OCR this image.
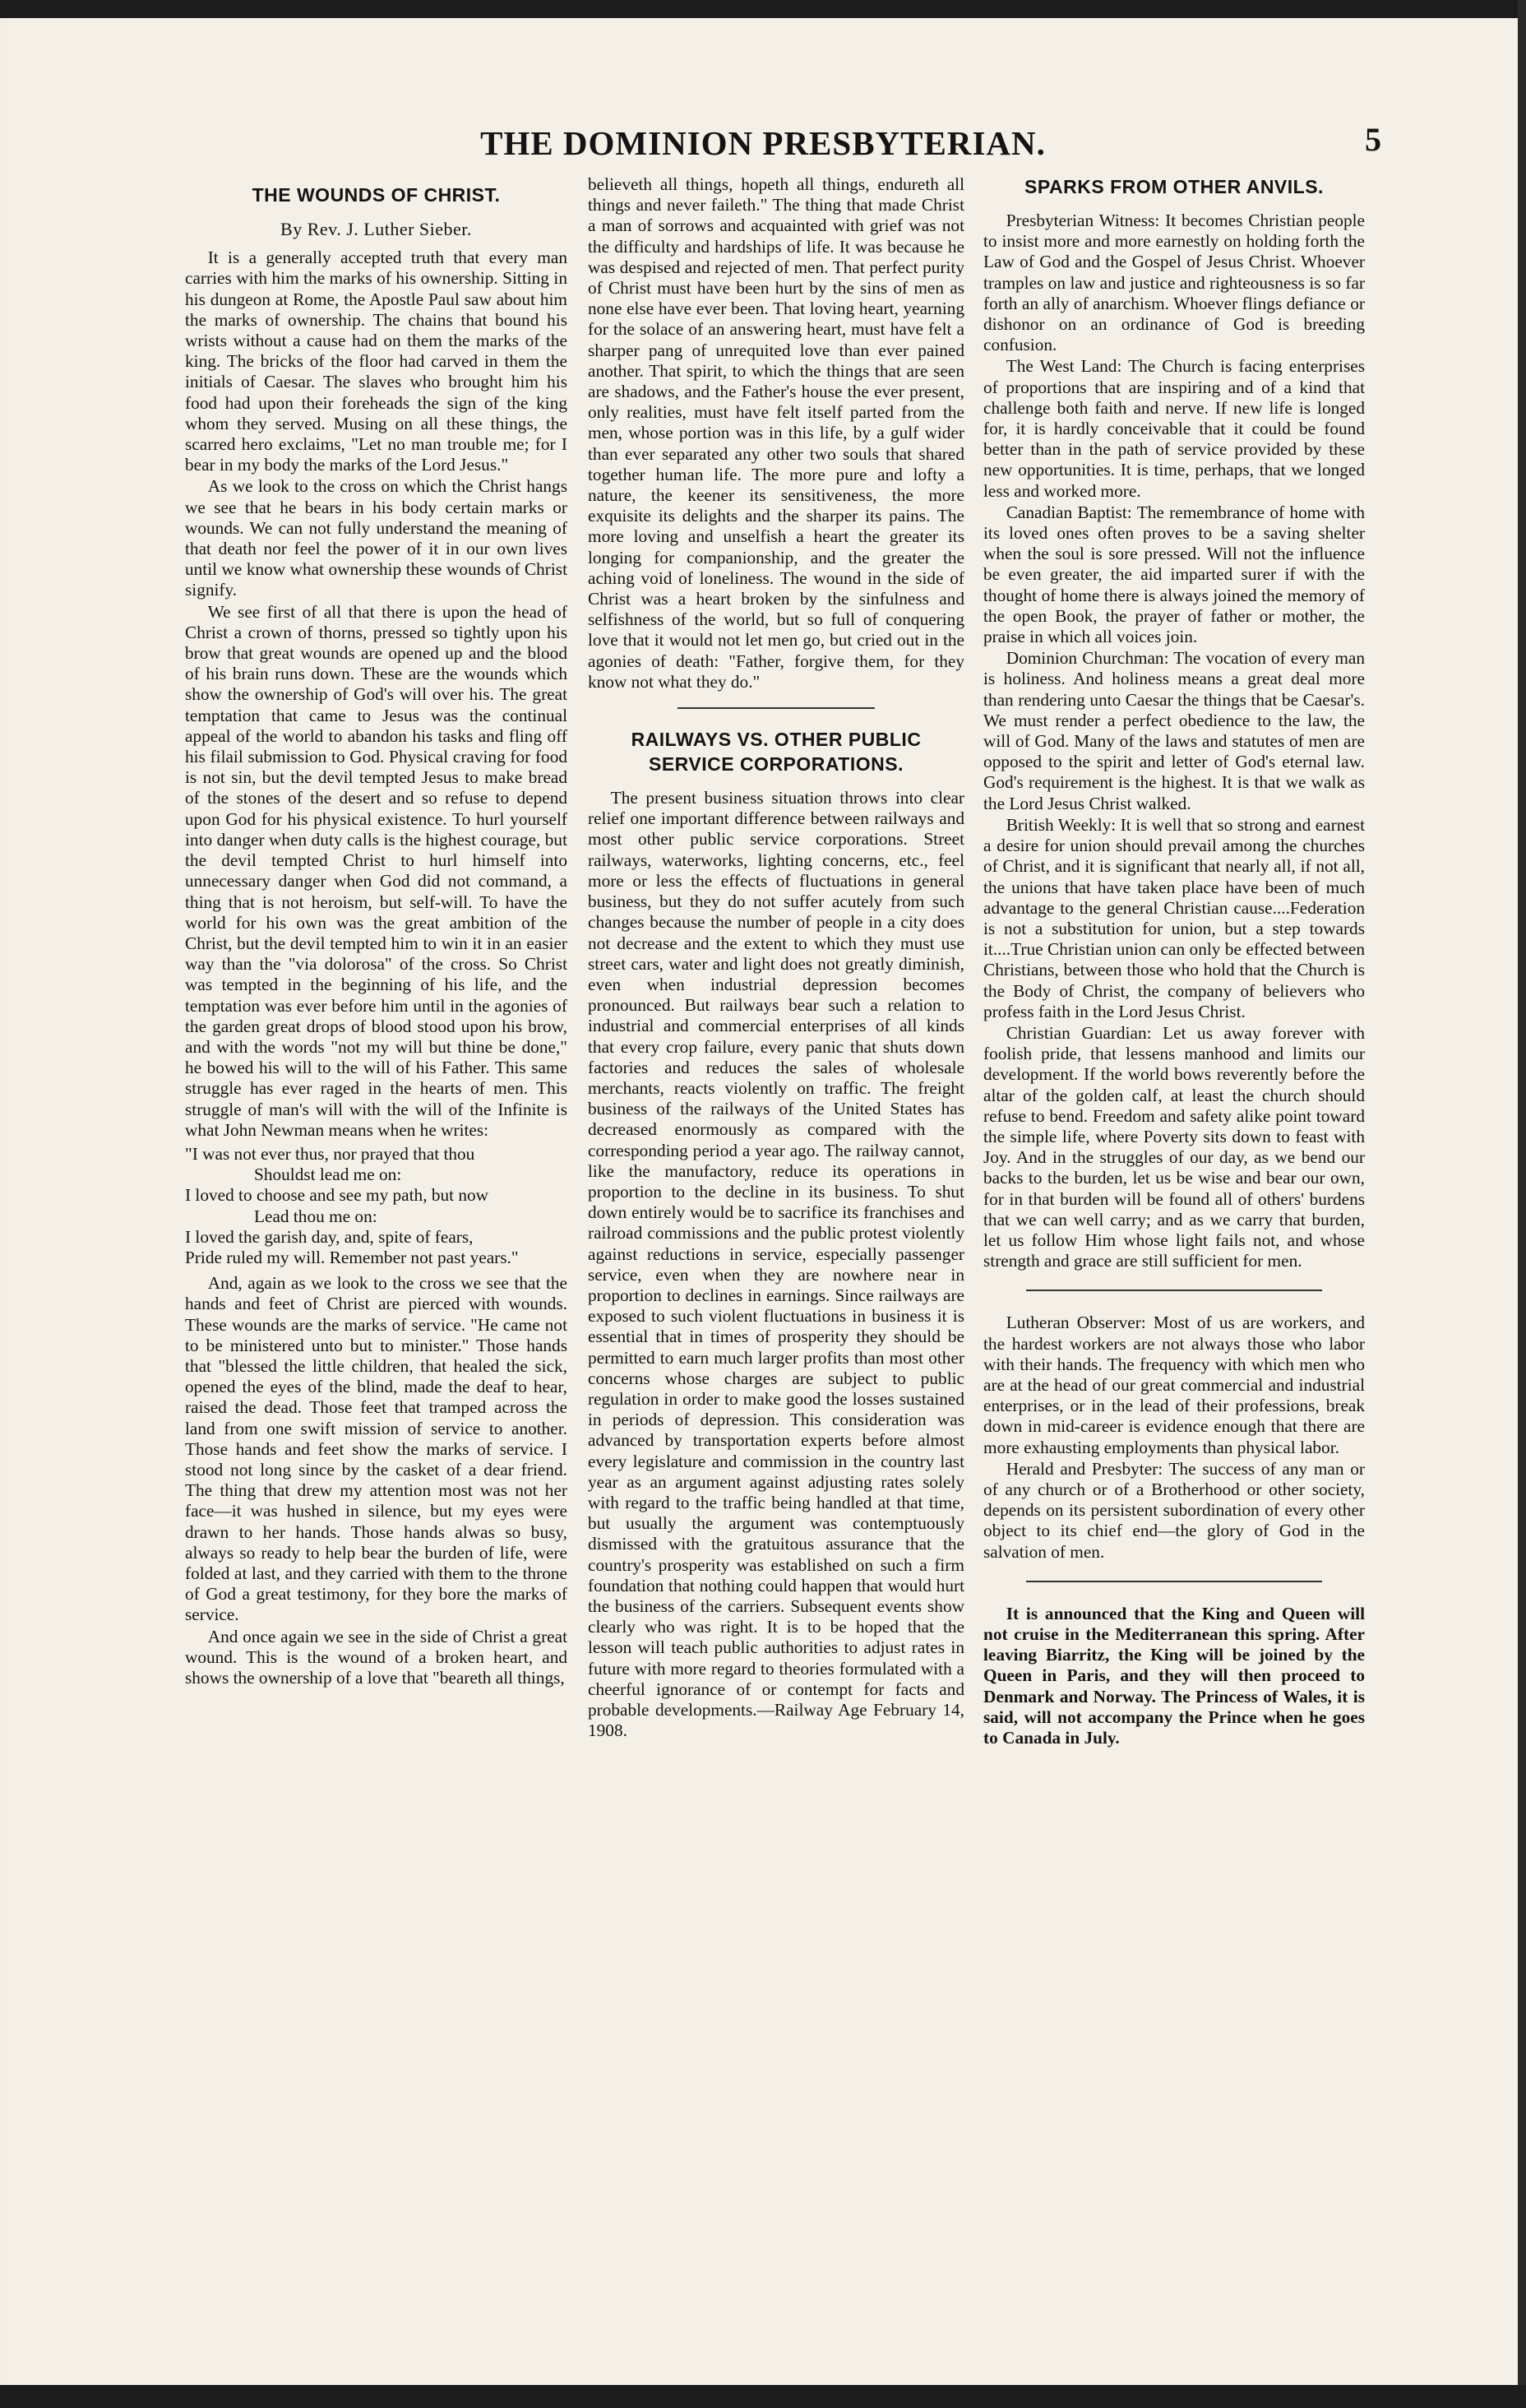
THE DOMINION PRESBYTERIAN.	5
THE WOUNDS OF CHRIST.
By Rev. J. Luther Sieber.

It is a generally accepted truth that every man carries with him the marks of his ownership. Sitting in his dungeon at Rome, the Apostle Paul saw about him the marks of ownership. The chains that bound his wrists without a cause had on them the marks of the king. The bricks of the floor had carved in them the initials of Caesar. The slaves who brought him his food had upon their foreheads the sign of the king whom they served. Musing on all these things, the scarred hero exclaims, "Let no man trouble me; for I bear in my body the marks of the Lord Jesus."

As we look to the cross on which the Christ hangs we see that he bears in his body certain marks or wounds. We can not fully understand the meaning of that death nor feel the power of it in our own lives until we know what ownership these wounds of Christ signify.

We see first of all that there is upon the head of Christ a crown of thorns, pressed so tightly upon his brow that great wounds are opened up and the blood of his brain runs down. These are the wounds which show the ownership of God's will over his. The great temptation that came to Jesus was the continual appeal of the world to abandon his tasks and fling off his filail submission to God. Physical craving for food is not sin, but the devil tempted Jesus to make bread of the stones of the desert and so refuse to depend upon God for his physical existence. To hurl yourself into danger when duty calls is the highest courage, but the devil tempted Christ to hurl himself into unnecessary danger when God did not command, a thing that is not heroism, but self-will. To have the world for his own was the great ambition of the Christ, but the devil tempted him to win it in an easier way than the "via dolorosa" of the cross. So Christ was tempted in the beginning of his life, and the temptation was ever before him until in the agonies of the garden great drops of blood stood upon his brow, and with the words "not my will but thine be done," he bowed his will to the will of his Father. This same struggle has ever raged in the hearts of men. This struggle of man's will with the will of the Infinite is what John Newman means when he writes:

"I was not ever thus, nor prayed that thou
Shouldst lead me on:
I loved to choose and see my path, but now
Lead thou me on:
I loved the garish day, and, spite of fears,
Pride ruled my will. Remember not past years."

And, again as we look to the cross we see that the hands and feet of Christ are pierced with wounds. These wounds are the marks of service. "He came not to be ministered unto but to minister." Those hands that "blessed the little children, that healed the sick, opened the eyes of the blind, made the deaf to hear, raised the dead. Those feet that tramped across the land from one swift mission of service to another. Those hands and feet show the marks of service. I stood not long since by the casket of a dear friend. The thing that drew my attention most was not her face—it was hushed in silence, but my eyes were drawn to her hands. Those hands alwas so busy, always so ready to help bear the burden of life, were folded at last, and they carried with them to the throne of God a great testimony, for they bore the marks of service.

And once again we see in the side of Christ a great wound. This is the wound of a broken heart, and shows the ownership of a love that "beareth all things,

believeth all things, hopeth all things, endureth all things and never faileth." The thing that made Christ a man of sorrows and acquainted with grief was not the difficulty and hardships of life. It was because he was despised and rejected of men. That perfect purity of Christ must have been hurt by the sins of men as none else have ever been. That loving heart, yearning for the solace of an answering heart, must have felt a sharper pang of unrequited love than ever pained another. That spirit, to which the things that are seen are shadows, and the Father's house the ever present, only realities, must have felt itself parted from the men, whose portion was in this life, by a gulf wider than ever separated any other two souls that shared together human life. The more pure and lofty a nature, the keener its sensitiveness, the more exquisite its delights and the sharper its pains. The more loving and unselfish a heart the greater its longing for companionship, and the greater the aching void of loneliness. The wound in the side of Christ was a heart broken by the sinfulness and selfishness of the world, but so full of conquering love that it would not let men go, but cried out in the agonies of death: "Father, forgive them, for they know not what they do."

RAILWAYS VS. OTHER PUBLIC
SERVICE CORPORATIONS.

The present business situation throws into clear relief one important difference between railways and most other public service corporations. Street railways, waterworks, lighting concerns, etc., feel more or less the effects of fluctuations in general business, but they do not suffer acutely from such changes because the number of people in a city does not decrease and the extent to which they must use street cars, water and light does not greatly diminish, even when industrial depression becomes pronounced. But railways bear such a relation to industrial and commercial enterprises of all kinds that every crop failure, every panic that shuts down factories and reduces the sales of wholesale merchants, reacts violently on traffic. The freight business of the railways of the United States has decreased enormously as compared with the corresponding period a year ago. The railway cannot, like the manufactory, reduce its operations in proportion to the decline in its business. To shut down entirely would be to sacrifice its franchises and railroad commissions and the public protest violently against reductions in service, especially passenger service, even when they are nowhere near in proportion to declines in earnings. Since railways are exposed to such violent fluctuations in business it is essential that in times of prosperity they should be permitted to earn much larger profits than most other concerns whose charges are subject to public regulation in order to make good the losses sustained in periods of depression. This consideration was advanced by transportation experts before almost every legislature and commission in the country last year as an argument against adjusting rates solely with regard to the traffic being handled at that time, but usually the argument was contemptuously dismissed with the gratuitous assurance that the country's prosperity was established on such a firm foundation that nothing could happen that would hurt the business of the carriers. Subsequent events show clearly who was right. It is to be hoped that the lesson will teach public authorities to adjust rates in future with more regard to theories formulated with a cheerful ignorance of or contempt for facts and probable developments.—Railway Age February 14, 1908.

SPARKS FROM OTHER ANVILS.

Presbyterian Witness: It becomes Christian people to insist more and more earnestly on holding forth the Law of God and the Gospel of Jesus Christ. Whoever tramples on law and justice and righteousness is so far forth an ally of anarchism. Whoever flings defiance or dishonor on an ordinance of God is breeding confusion.

The West Land: The Church is facing enterprises of proportions that are inspiring and of a kind that challenge both faith and nerve. If new life is longed for, it is hardly conceivable that it could be found better than in the path of service provided by these new opportunities. It is time, perhaps, that we longed less and worked more.

Canadian Baptist: The remembrance of home with its loved ones often proves to be a saving shelter when the soul is sore pressed. Will not the influence be even greater, the aid imparted surer if with the thought of home there is always joined the memory of the open Book, the prayer of father or mother, the praise in which all voices join.

Dominion Churchman: The vocation of every man is holiness. And holiness means a great deal more than rendering unto Caesar the things that be Caesar's. We must render a perfect obedience to the law, the will of God. Many of the laws and statutes of men are opposed to the spirit and letter of God's eternal law. God's requirement is the highest. It is that we walk as the Lord Jesus Christ walked.

British Weekly: It is well that so strong and earnest a desire for union should prevail among the churches of Christ, and it is significant that nearly all, if not all, the unions that have taken place have been of much advantage to the general Christian cause....Federation is not a substitution for union, but a step towards it....True Christian union can only be effected between Christians, between those who hold that the Church is the Body of Christ, the company of believers who profess faith in the Lord Jesus Christ.

Christian Guardian: Let us away forever with foolish pride, that lessens manhood and limits our development. If the world bows reverently before the altar of the golden calf, at least the church should refuse to bend. Freedom and safety alike point toward the simple life, where Poverty sits down to feast with Joy. And in the struggles of our day, as we bend our backs to the burden, let us be wise and bear our own, for in that burden will be found all of others' burdens that we can well carry; and as we carry that burden, let us follow Him whose light fails not, and whose strength and grace are still sufficient for men.

Lutheran Observer: Most of us are workers, and the hardest workers are not always those who labor with their hands. The frequency with which men who are at the head of our great commercial and industrial enterprises, or in the lead of their professions, break down in mid-career is evidence enough that there are more exhausting employments than physical labor.

Herald and Presbyter: The success of any man or of any church or of a Brotherhood or other society, depends on its persistent subordination of every other object to its chief end—the glory of God in the salvation of men.

It is announced that the King and Queen will not cruise in the Mediterranean this spring. After leaving Biarritz, the King will be joined by the Queen in Paris, and they will then proceed to Denmark and Norway. The Princess of Wales, it is said, will not accompany the Prince when he goes to Canada in July.
